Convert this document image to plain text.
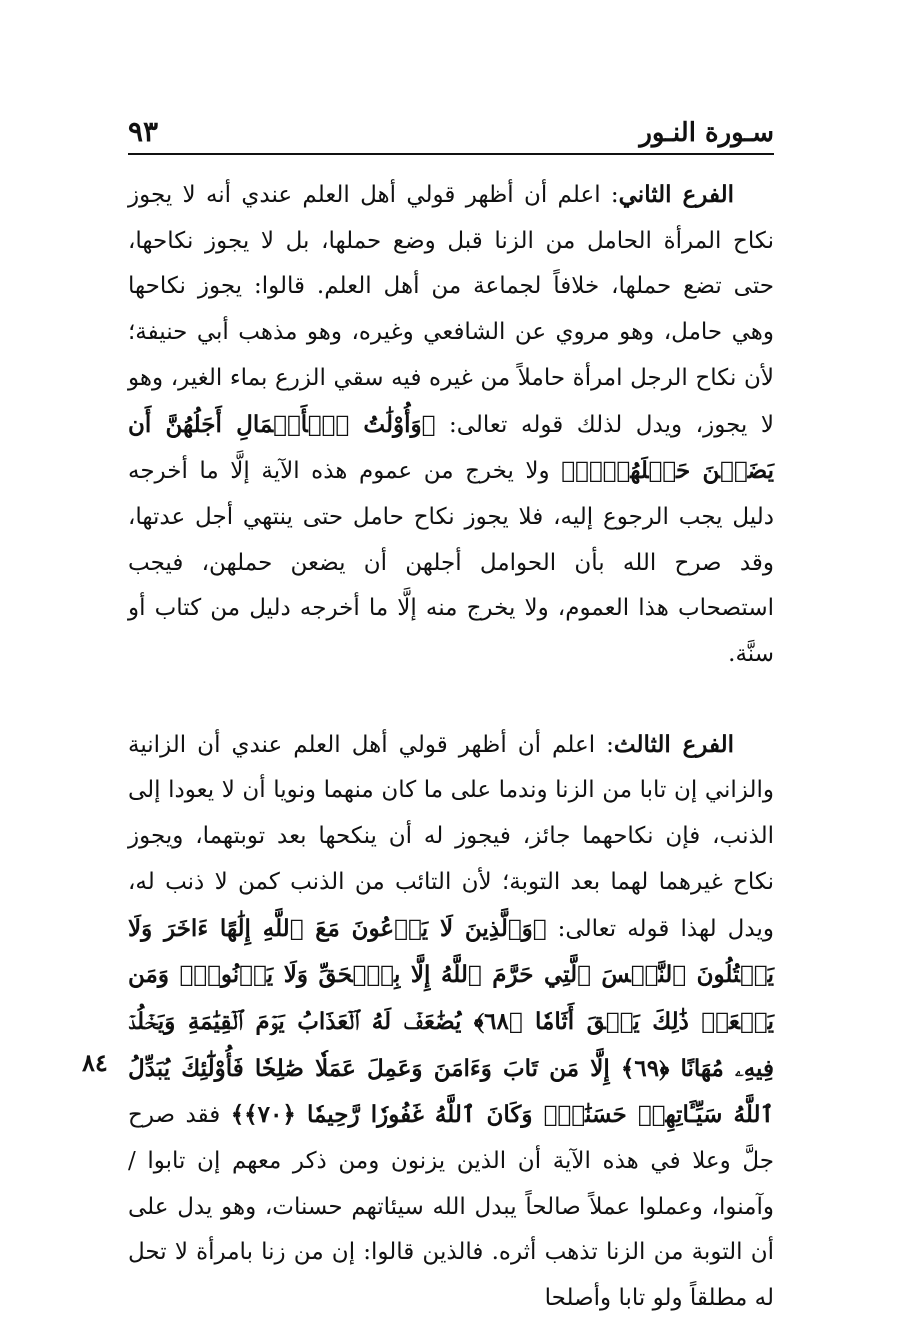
سـورة النـور
٩٣

الفرع الثاني: اعلم أن أظهر قولي أهل العلم عندي أنه لا يجوز نكاح المرأة الحامل من الزنا قبل وضع حملها، بل لا يجوز نكاحها، حتى تضع حملها، خلافاً لجماعة من أهل العلم. قالوا: يجوز نكاحها وهي حامل، وهو مروي عن الشافعي وغيره، وهو مذهب أبي حنيفة؛ لأن نكاح الرجل امرأة حاملاً من غيره فيه سقي الزرع بماء الغير، وهو لا يجوز، ويدل لذلك قوله تعالى: ﴿وَأُوْلَٰتُ ٱلۡأَحۡمَالِ أَجَلُهُنَّ أَن يَضَعۡنَ حَمۡلَهُنَّۚ﴾ ولا يخرج من عموم هذه الآية إلَّا ما أخرجه دليل يجب الرجوع إليه، فلا يجوز نكاح حامل حتى ينتهي أجل عدتها، وقد صرح الله بأن الحوامل أجلهن أن يضعن حملهن، فيجب استصحاب هذا العموم، ولا يخرج منه إلَّا ما أخرجه دليل من كتاب أو سنَّة.

الفرع الثالث: اعلم أن أظهر قولي أهل العلم عندي أن الزانية والزاني إن تابا من الزنا وندما على ما كان منهما ونويا أن لا يعودا إلى الذنب، فإن نكاحهما جائز، فيجوز له أن ينكحها بعد توبتهما، ويجوز نكاح غيرهما لهما بعد التوبة؛ لأن التائب من الذنب كمن لا ذنب له، ويدل لهذا قوله تعالى: ﴿وَٱلَّذِينَ لَا يَدۡعُونَ مَعَ ٱللَّهِ إِلَٰهًا ءَاخَرَ وَلَا يَقۡتُلُونَ ٱلنَّفۡسَ ٱلَّتِي حَرَّمَ ٱللَّهُ إِلَّا بِٱلۡحَقِّ وَلَا يَزۡنُونَۚ وَمَن يَفۡعَلۡ ذَٰلِكَ يَلۡقَ أَثَامٗا ﴿٦٨﴾ يُضَٰعَفۡ لَهُ ٱلۡعَذَابُ يَوۡمَ ٱلۡقِيَٰمَةِ وَيَخۡلُدۡ فِيهِۦ مُهَانًا ﴿٦٩﴾ إِلَّا مَن تَابَ وَءَامَنَ وَعَمِلَ عَمَلٗا صَٰلِحٗا فَأُوْلَٰٓئِكَ يُبَدِّلُ ٱللَّهُ سَيِّـَٔاتِهِمۡ حَسَنَٰتٖۗ وَكَانَ ٱللَّهُ غَفُورٗا رَّحِيمٗا ﴿٧٠﴾﴾ فقد صرح جلَّ وعلا في هذه الآية أن الذين يزنون ومن ذكر معهم إن تابوا /وآمنوا، وعملوا عملاً صالحاً يبدل الله سيئاتهم حسنات، وهو يدل على أن التوبة من الزنا تذهب أثره. فالذين قالوا: إن من زنا بامرأة لا تحل له مطلقاً ولو تابا وأصلحا

٨٤
